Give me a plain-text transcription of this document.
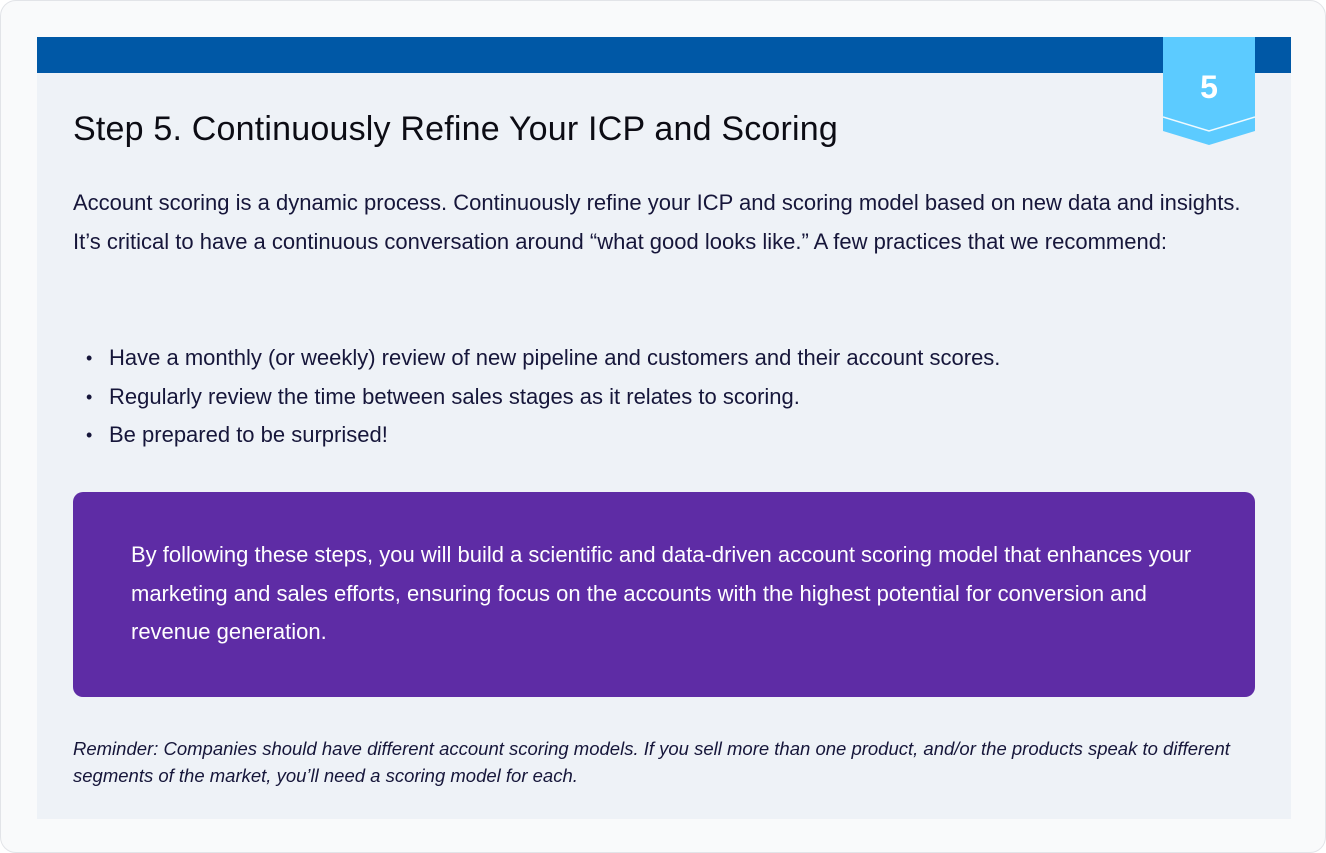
5
Step 5. Continuously Refine Your ICP and Scoring

Account scoring is a dynamic process. Continuously refine your ICP and scoring model based on new data and insights. It’s critical to have a continuous conversation around “what good looks like.” A few practices that we recommend:

• Have a monthly (or weekly) review of new pipeline and customers and their account scores.
• Regularly review the time between sales stages as it relates to scoring.
• Be prepared to be surprised!

By following these steps, you will build a scientific and data-driven account scoring model that enhances your marketing and sales efforts, ensuring focus on the accounts with the highest potential for conversion and revenue generation.

Reminder: Companies should have different account scoring models. If you sell more than one product, and/or the products speak to different segments of the market, you’ll need a scoring model for each.
